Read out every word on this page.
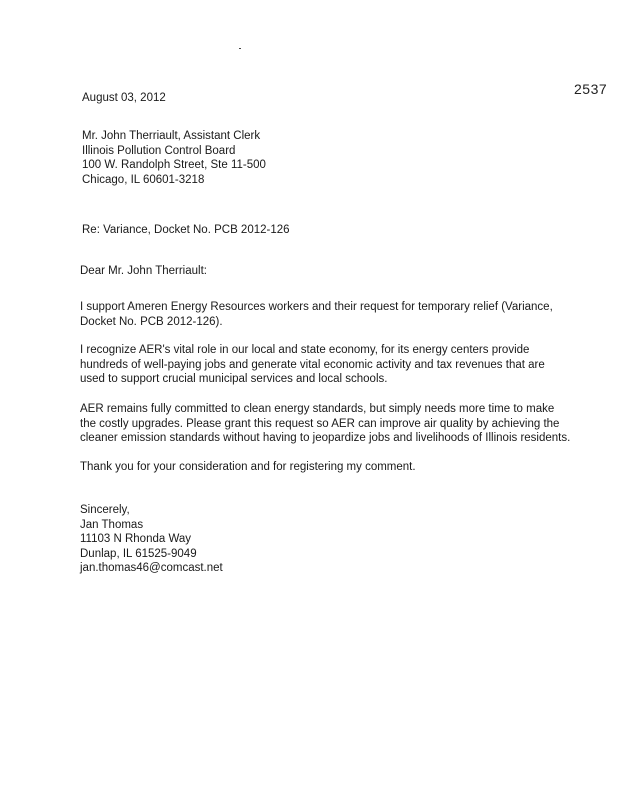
2537
August 03, 2012
Mr. John Therriault, Assistant Clerk
Illinois Pollution Control Board
100 W. Randolph Street, Ste 11-500
Chicago, IL 60601-3218
Re: Variance, Docket No. PCB 2012-126
Dear Mr. John Therriault:
I support Ameren Energy Resources workers and their request for temporary relief (Variance,
Docket No. PCB 2012-126).
I recognize AER's vital role in our local and state economy, for its energy centers provide
hundreds of well-paying jobs and generate vital economic activity and tax revenues that are
used to support crucial municipal services and local schools.
AER remains fully committed to clean energy standards, but simply needs more time to make
the costly upgrades. Please grant this request so AER can improve air quality by achieving the
cleaner emission standards without having to jeopardize jobs and livelihoods of Illinois residents.
Thank you for your consideration and for registering my comment.
Sincerely,
Jan Thomas
11103 N Rhonda Way
Dunlap, IL 61525-9049
jan.thomas46@comcast.net
